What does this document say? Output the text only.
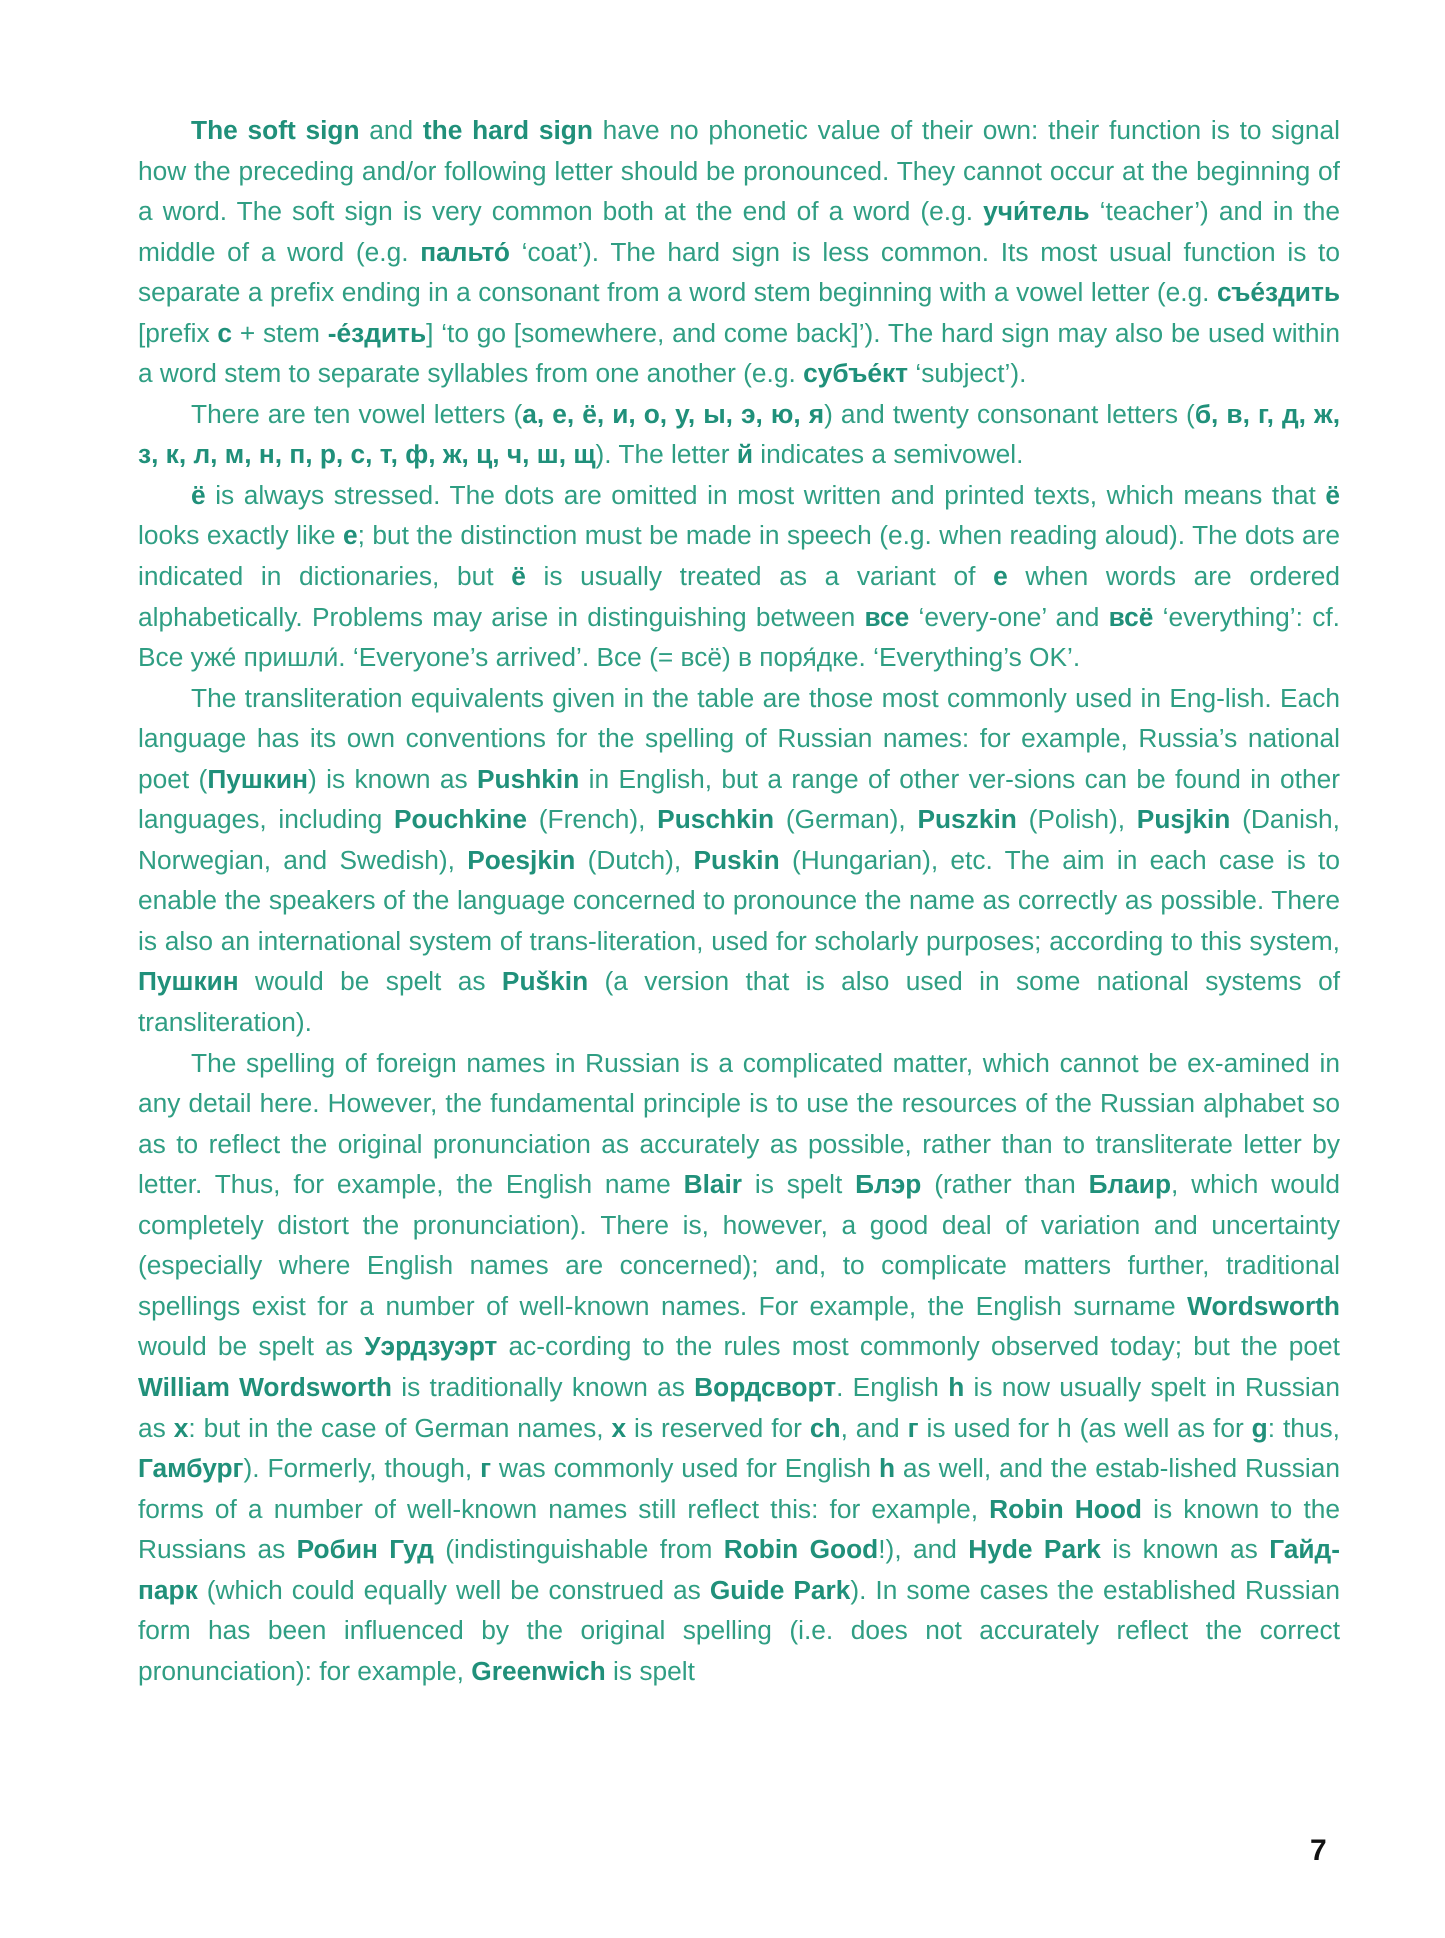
The soft sign and the hard sign have no phonetic value of their own: their function is to signal how the preceding and/or following letter should be pronounced. They cannot occur at the beginning of a word. The soft sign is very common both at the end of a word (e.g. учи́тель ‘teacher’) and in the middle of a word (e.g. пальто́ ‘coat’). The hard sign is less common. Its most usual function is to separate a prefix ending in a consonant from a word stem beginning with a vowel letter (e.g. съе́здить [prefix с + stem -е́здить] ‘to go [somewhere, and come back]’). The hard sign may also be used within a word stem to separate syllables from one another (e.g. субъе́кт ‘subject’).

There are ten vowel letters (а, е, ё, и, о, у, ы, э, ю, я) and twenty consonant letters (б, в, г, д, ж, з, к, л, м, н, п, р, с, т, ф, ж, ц, ч, ш, щ). The letter й indicates a semivowel.

ё is always stressed. The dots are omitted in most written and printed texts, which means that ё looks exactly like е; but the distinction must be made in speech (e.g. when reading aloud). The dots are indicated in dictionaries, but ё is usually treated as a variant of е when words are ordered alphabetically. Problems may arise in distinguishing between все ‘every-one’ and всё ‘everything’: cf. Все уже́ пришли́. ‘Everyone’s arrived’. Все (= всё) в поря́дке. ‘Everything’s OK’.

The transliteration equivalents given in the table are those most commonly used in Eng-lish. Each language has its own conventions for the spelling of Russian names: for example, Russia’s national poet (Пушкин) is known as Pushkin in English, but a range of other ver-sions can be found in other languages, including Pouchkine (French), Puschkin (German), Puszkin (Polish), Pusjkin (Danish, Norwegian, and Swedish), Poesjkin (Dutch), Puskin (Hungarian), etc. The aim in each case is to enable the speakers of the language concerned to pronounce the name as correctly as possible. There is also an international system of trans-literation, used for scholarly purposes; according to this system, Пушкин would be spelt as Puškin (a version that is also used in some national systems of transliteration).

The spelling of foreign names in Russian is a complicated matter, which cannot be ex-amined in any detail here. However, the fundamental principle is to use the resources of the Russian alphabet so as to reflect the original pronunciation as accurately as possible, rather than to transliterate letter by letter. Thus, for example, the English name Blair is spelt Блэр (rather than Блаир, which would completely distort the pronunciation). There is, however, a good deal of variation and uncertainty (especially where English names are concerned); and, to complicate matters further, traditional spellings exist for a number of well-known names. For example, the English surname Wordsworth would be spelt as Уэрдзуэрт ac-cording to the rules most commonly observed today; but the poet William Wordsworth is traditionally known as Вордсворт. English h is now usually spelt in Russian as х: but in the case of German names, х is reserved for ch, and г is used for h (as well as for g: thus, Гамбург). Formerly, though, г was commonly used for English h as well, and the estab-lished Russian forms of a number of well-known names still reflect this: for example, Robin Hood is known to the Russians as Робин Гуд (indistinguishable from Robin Good!), and Hyde Park is known as Гайд-парк (which could equally well be construed as Guide Park). In some cases the established Russian form has been influenced by the original spelling (i.e. does not accurately reflect the correct pronunciation): for example, Greenwich is spelt

7
